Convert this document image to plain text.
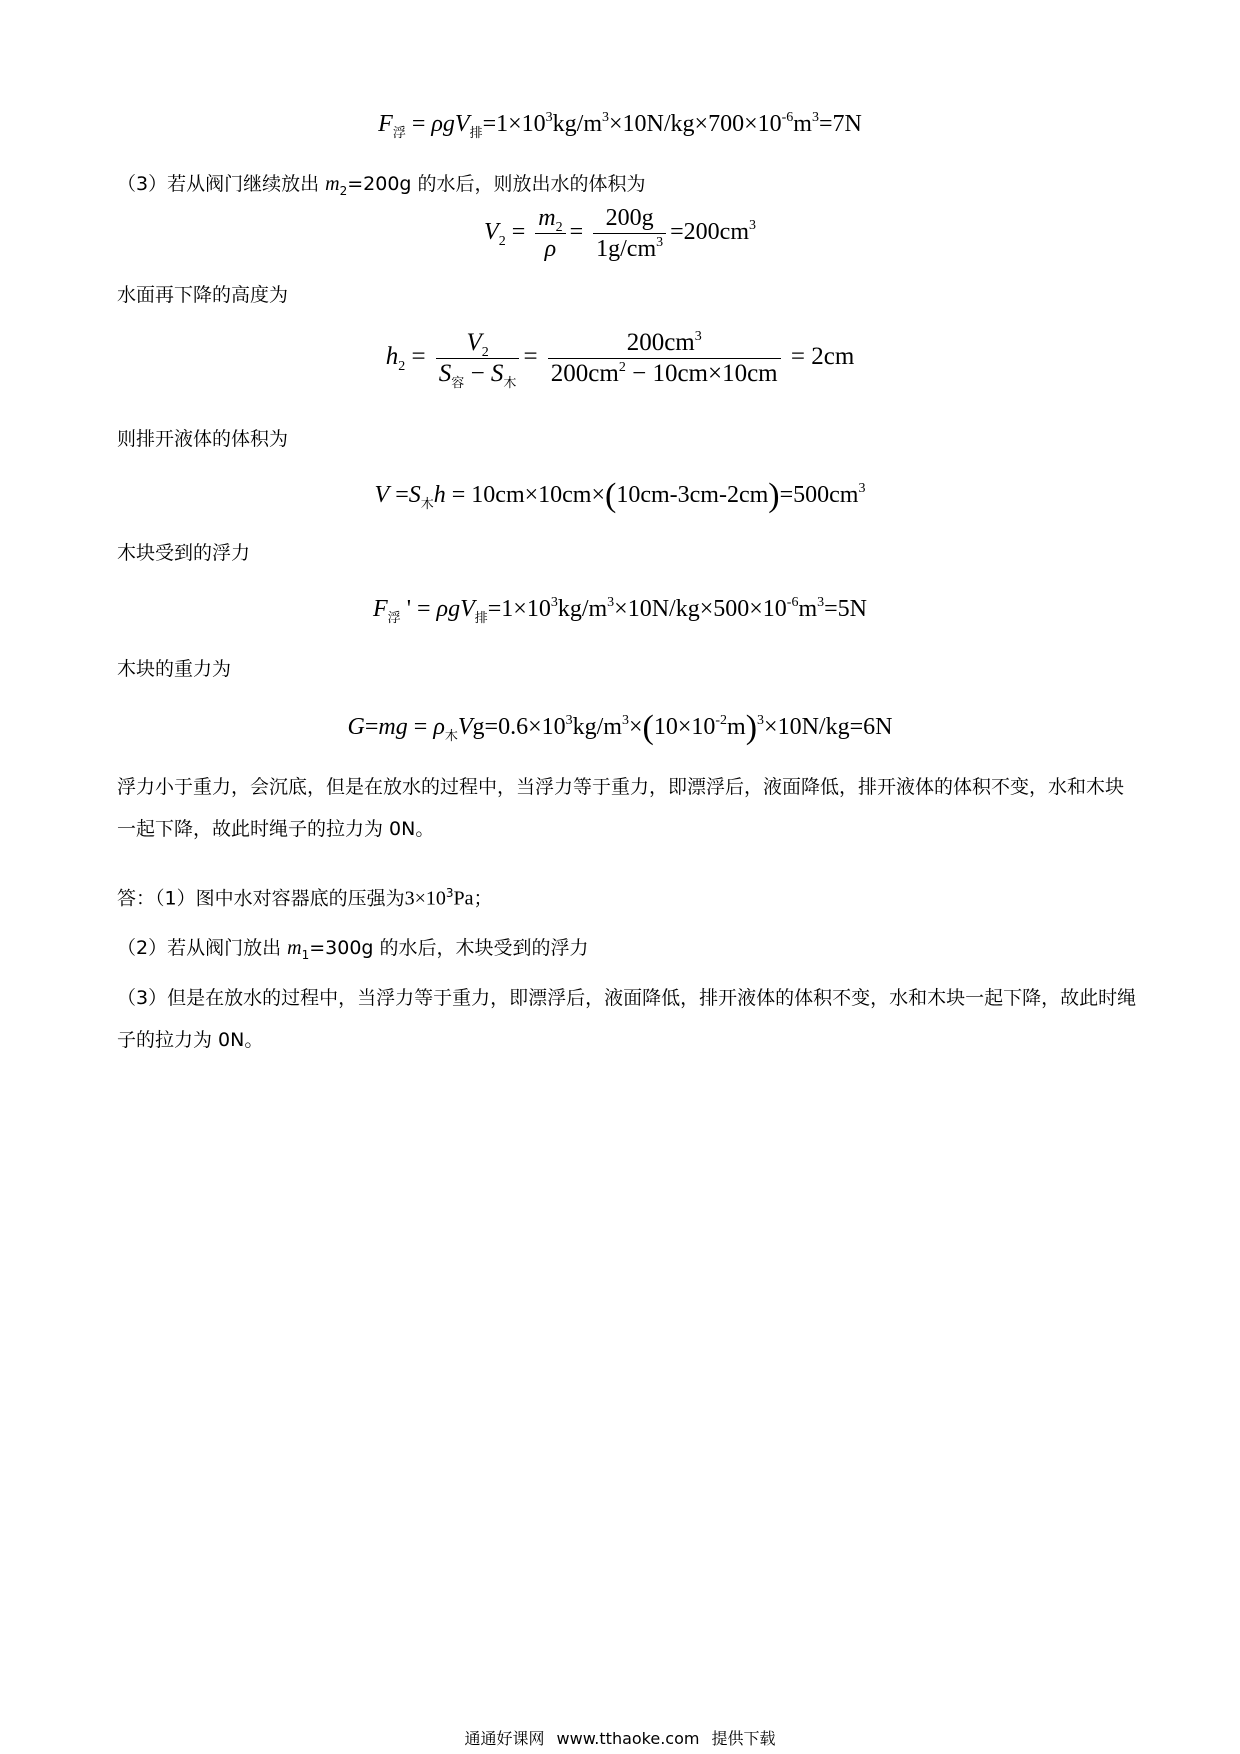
$F_浮 = \rho gV_排=1\times 10^3kg/m^3\times 10N/kg\times 700\times 10^{-6}m^3=7N$
（3）若从阀门继续放出 $m_2=200g$ 的水后，则放出水的体积为
$V_2 = \frac{m_2}{\rho} = \frac{200g}{1g/cm^3} =200cm^3$
水面再下降的高度为
$h_2 = \frac{V_2}{S_容 - S_木} = \frac{200cm^3}{200cm^2 - 10cm\times 10cm} = 2cm$
则排开液体的体积为
$V =S_木h = 10cm\times 10cm\times(10cm-3cm-2cm)=500cm^3$
木块受到的浮力
$F_浮$ ' = $\rho gV_排=1\times 10^3kg/m^3\times 10N/kg\times 500\times 10^{-6}m^3=5N$
木块的重力为
$G=mg = \rho_木Vg=0.6\times 10^3kg/m^3\times(10\times 10^{-2}m)^3\times 10N/kg=6N$
浮力小于重力，会沉底，但是在放水的过程中，当浮力等于重力，即漂浮后，液面降低，排开液体的体积不变，水和木块一起下降，故此时绳子的拉力为 0N。
答：（1）图中水对容器底的压强为$3\times 10^3Pa$；
（2）若从阀门放出 $m_1=300g$ 的水后，木块受到的浮力
（3）但是在放水的过程中，当浮力等于重力，即漂浮后，液面降低，排开液体的体积不变，水和木块一起下降，故此时绳子的拉力为 0N。
通通好课网 www.tthaoke.com 提供下载
